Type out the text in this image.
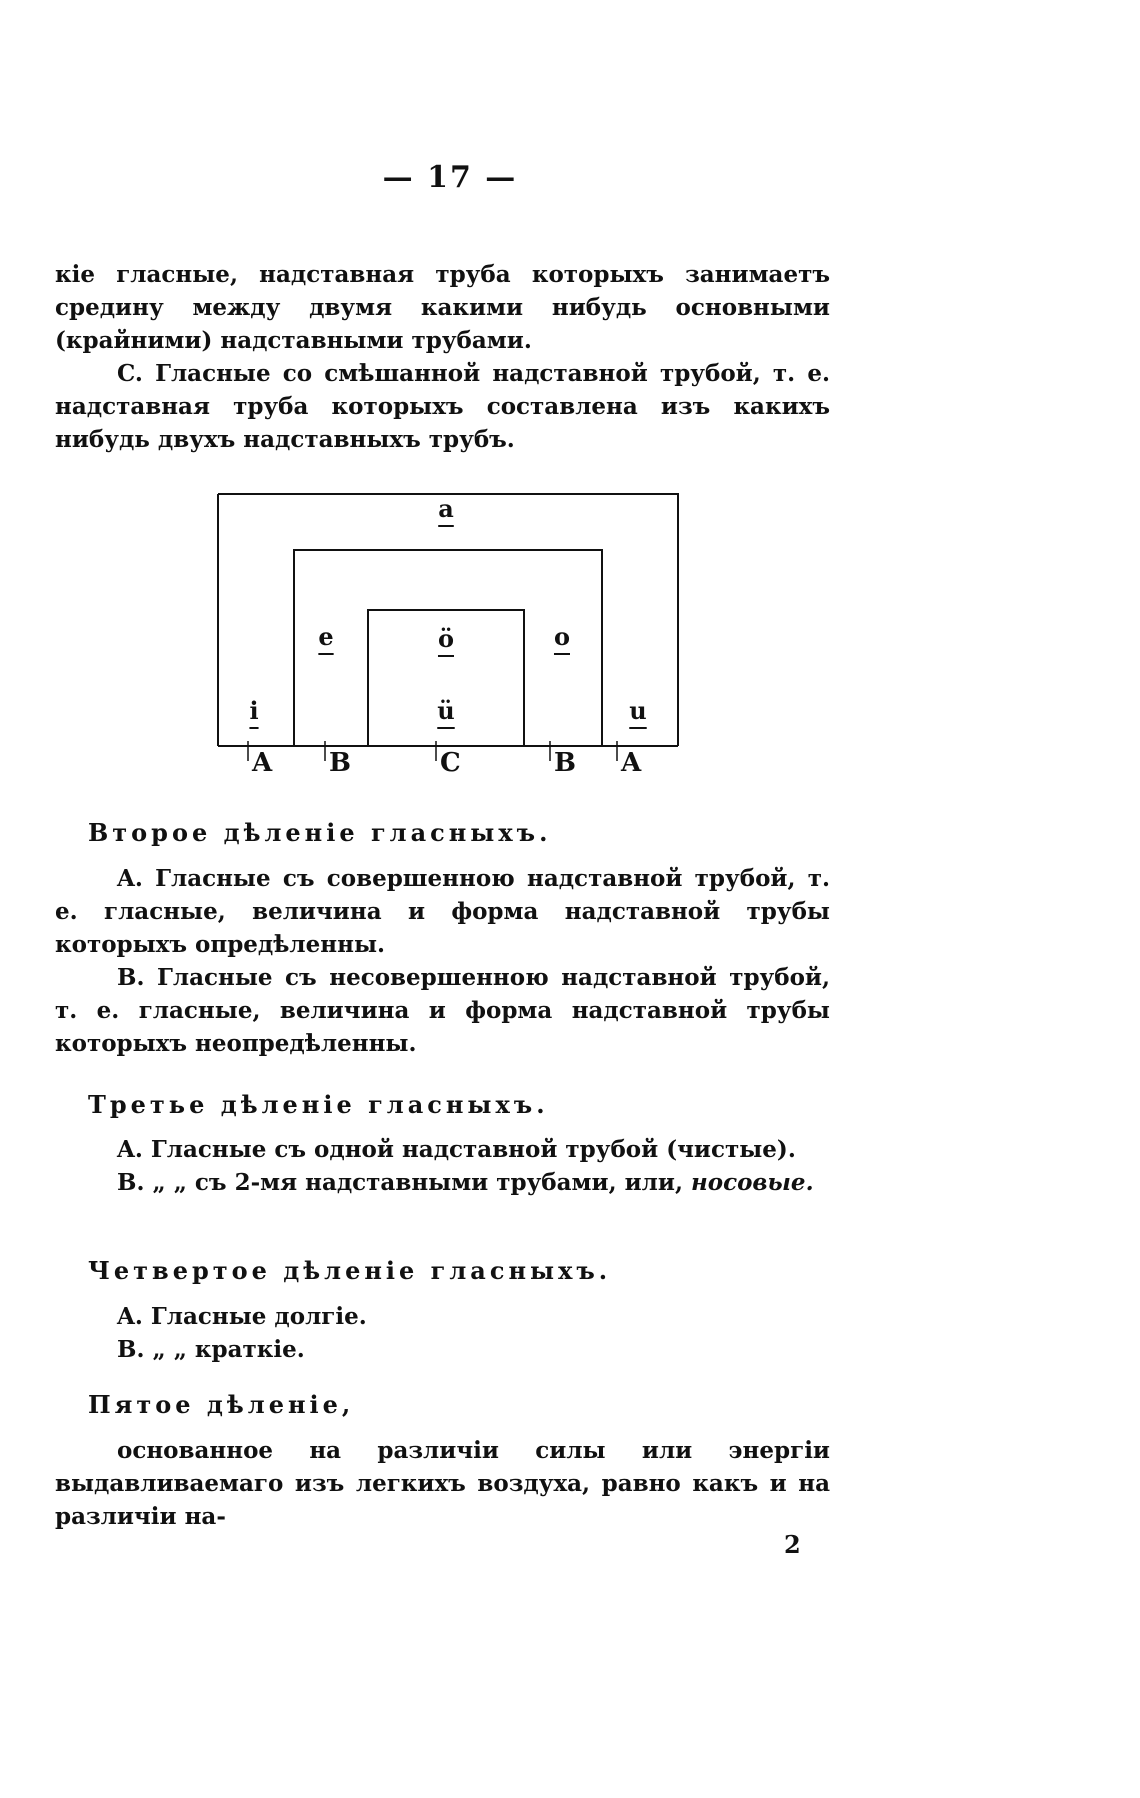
— 17 —

кіе гласные, надставная труба которыхъ занимаетъ средину между двумя какими нибудь основными (крайними) надставными трубами.

C. Гласные со смѣшанной надставной трубой, т. е. надставная труба которыхъ составлена изъ какихъ нибудь двухъ надставныхъ трубъ.

a
e	ö	o
i	ü	u
A B	C	B A
Второе дѣленіе гласныхъ.

A. Гласные съ совершенною надставной трубой, т. е. гласные, величина и форма надставной трубы которыхъ опредѣленны.

B. Гласные съ несовершенною надставной трубой, т. е. гласные, величина и форма надставной трубы которыхъ неопредѣленны.

Третье дѣленіе гласныхъ.

A. Гласные съ одной надставной трубой (чистые).

B. „ „ съ 2-мя надставными трубами, или, носовые.

Четвертое дѣленіе гласныхъ.

A. Гласные долгіе.

B. „ „ краткіе.

Пятое дѣленіе,

основанное на различіи силы или энергіи выдавливаемаго изъ легкихъ воздуха, равно какъ и на различіи на-

2
